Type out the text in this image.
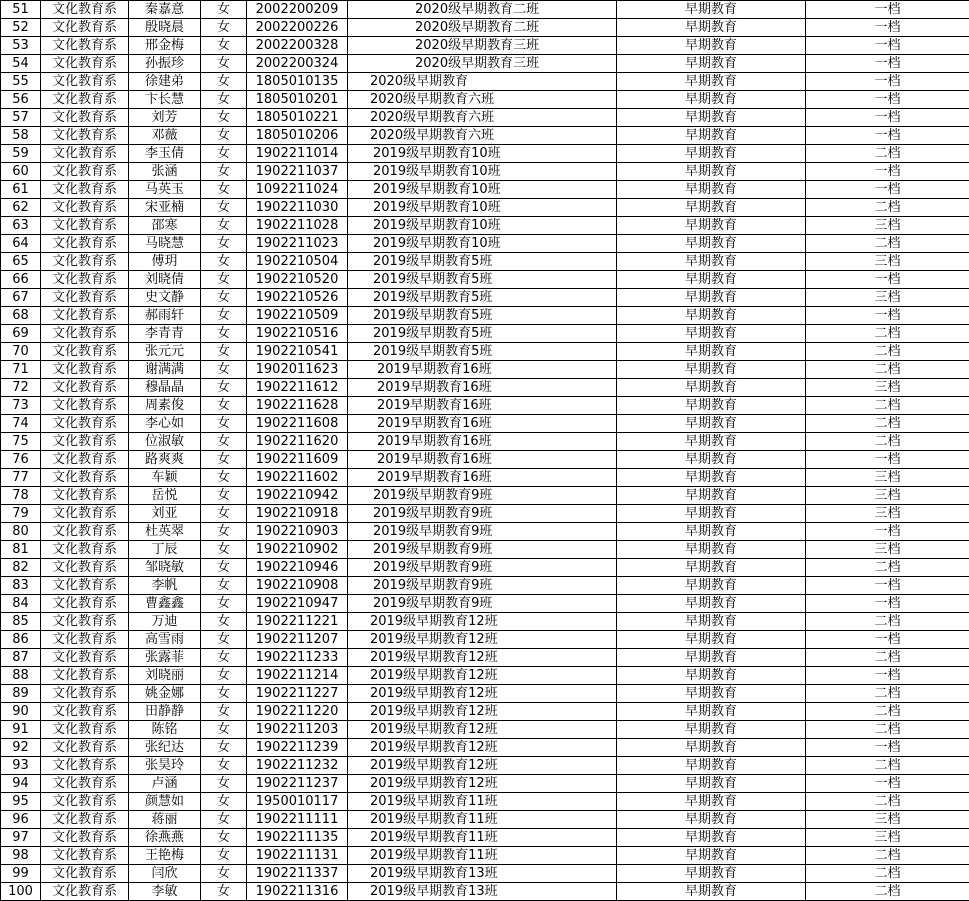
51	文化教育系	秦嘉意	女	2002200209	2020级早期教育二班	早期教育	一档
52	文化教育系	殷晓晨	女	2002200226	2020级早期教育二班	早期教育	一档
53	文化教育系	邢金梅	女	2002200328	2020级早期教育三班	早期教育	一档
54	文化教育系	孙振珍	女	2002200324	2020级早期教育三班	早期教育	一档
55	文化教育系	徐建弟	女	1805010135	2020级早期教育	早期教育	一档
56	文化教育系	卞长慧	女	1805010201	2020级早期教育六班	早期教育	一档
57	文化教育系	刘芳	女	1805010221	2020级早期教育六班	早期教育	一档
58	文化教育系	邓薇	女	1805010206	2020级早期教育六班	早期教育	一档
59	文化教育系	李玉倩	女	1902211014	2019级早期教育10班	早期教育	二档
60	文化教育系	张涵	女	1902211037	2019级早期教育10班	早期教育	一档
61	文化教育系	马英玉	女	1092211024	2019级早期教育10班	早期教育	一档
62	文化教育系	宋亚楠	女	1902211030	2019级早期教育10班	早期教育	二档
63	文化教育系	邵寒	女	1902211028	2019级早期教育10班	早期教育	三档
64	文化教育系	马晓慧	女	1902211023	2019级早期教育10班	早期教育	二档
65	文化教育系	傅玥	女	1902210504	2019级早期教育5班	早期教育	三档
66	文化教育系	刘晓倩	女	1902210520	2019级早期教育5班	早期教育	一档
67	文化教育系	史文静	女	1902210526	2019级早期教育5班	早期教育	三档
68	文化教育系	郝雨轩	女	1902210509	2019级早期教育5班	早期教育	一档
69	文化教育系	李青青	女	1902210516	2019级早期教育5班	早期教育	二档
70	文化教育系	张元元	女	1902210541	2019级早期教育5班	早期教育	二档
71	文化教育系	谢满满	女	1902011623	2019早期教育16班	早期教育	二档
72	文化教育系	穆晶晶	女	1902211612	2019早期教育16班	早期教育	三档
73	文化教育系	周素俊	女	1902211628	2019早期教育16班	早期教育	二档
74	文化教育系	李心如	女	1902211608	2019早期教育16班	早期教育	二档
75	文化教育系	位淑敏	女	1902211620	2019早期教育16班	早期教育	二档
76	文化教育系	路爽爽	女	1902211609	2019早期教育16班	早期教育	一档
77	文化教育系	车颖	女	1902211602	2019早期教育16班	早期教育	三档
78	文化教育系	岳悦	女	1902210942	2019级早期教育9班	早期教育	三档
79	文化教育系	刘亚	女	1902210918	2019级早期教育9班	早期教育	三档
80	文化教育系	杜英翠	女	1902210903	2019级早期教育9班	早期教育	一档
81	文化教育系	丁辰	女	1902210902	2019级早期教育9班	早期教育	三档
82	文化教育系	邹晓敏	女	1902210946	2019级早期教育9班	早期教育	二档
83	文化教育系	李帆	女	1902210908	2019级早期教育9班	早期教育	一档
84	文化教育系	曹鑫鑫	女	1902210947	2019级早期教育9班	早期教育	一档
85	文化教育系	万迪	女	1902211221	2019级早期教育12班	早期教育	二档
86	文化教育系	高雪雨	女	1902211207	2019级早期教育12班	早期教育	一档
87	文化教育系	张露菲	女	1902211233	2019级早期教育12班	早期教育	二档
88	文化教育系	刘晓丽	女	1902211214	2019级早期教育12班	早期教育	一档
89	文化教育系	姚金娜	女	1902211227	2019级早期教育12班	早期教育	二档
90	文化教育系	田静静	女	1902211220	2019级早期教育12班	早期教育	二档
91	文化教育系	陈铭	女	1902211203	2019级早期教育12班	早期教育	二档
92	文化教育系	张纪达	女	1902211239	2019级早期教育12班	早期教育	一档
93	文化教育系	张昊玲	女	1902211232	2019级早期教育12班	早期教育	二档
94	文化教育系	卢涵	女	1902211237	2019级早期教育12班	早期教育	一档
95	文化教育系	颜慧如	女	1950010117	2019级早期教育11班	早期教育	二档
96	文化教育系	蒋丽	女	1902211111	2019级早期教育11班	早期教育	三档
97	文化教育系	徐燕燕	女	1902211135	2019级早期教育11班	早期教育	三档
98	文化教育系	王艳梅	女	1902211131	2019级早期教育11班	早期教育	二档
99	文化教育系	闫欣	女	1902211337	2019级早期教育13班	早期教育	二档
100	文化教育系	李敏	女	1902211316	2019级早期教育13班	早期教育	二档
